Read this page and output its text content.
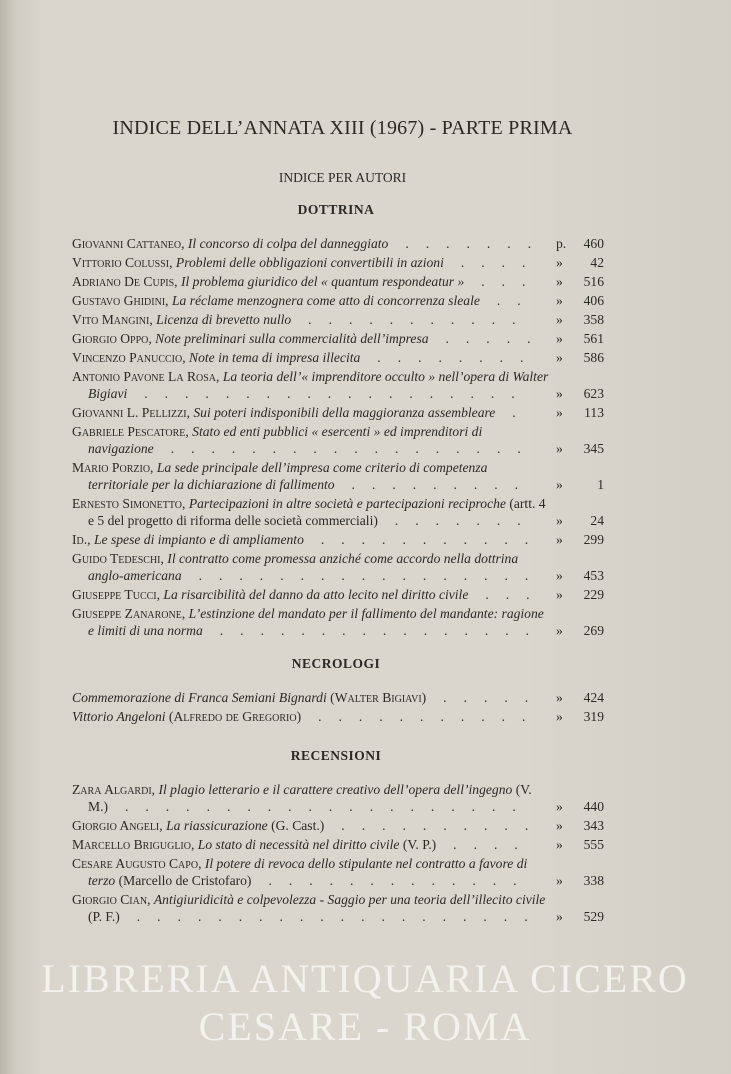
INDICE DELL’ANNATA XIII (1967) - PARTE PRIMA
INDICE PER AUTORI
DOTTRINA
Giovanni Cattaneo, Il concorso di colpa del danneggiato     .     .     .     .     .     .     . p.	460
Vittorio Colussi, Problemi delle obbligazioni convertibili in azioni     .     .     .     . »	42
Adriano De Cupis, Il problema giuridico del « quantum respondeatur »     .     .     . »	516
Gustavo Ghidini, La réclame menzognera come atto di concorrenza sleale     .     .	»	406
Vito Mangini, Licenza di brevetto nullo     .     .     .     .     .     .     .     .     .     .     .	»	358
Giorgio Oppo, Note preliminari sulla commercialità dell’impresa     .     .     .     .     . »	561
Vincenzo Panuccio, Note in tema di impresa illecita     .     .     .     .     .     .     .     .	»	586
Antonio Pavone La Rosa, La teoria dell’« imprenditore occulto » nell’opera di Walter Bigiavi     .     .     .     .     .     .     .     .     .     .     .     .     .     .     .     .     .     .     .	»	623
Giovanni L. Pellizzi, Sui poteri indisponibili della maggioranza assembleare     .	»	113
Gabriele Pescatore, Stato ed enti pubblici « esercenti » ed imprenditori di navigazione     .     .     .     .     .     .     .     .     .     .     .     .     .     .     .     .     .     .	»	345
Mario Porzio, La sede principale dell’impresa come criterio di competenza territoriale per la dichiarazione di fallimento     .     .     .     .     .     .     .     .     .	»	1
Ernesto Simonetto, Partecipazioni in altre società e partecipazioni reciproche (artt. 4 e 5 del progetto di riforma delle società commerciali)     .     .     .     .     .     .     .	»	24
Id., Le spese di impianto e di ampliamento     .     .     .     .     .     .     .     .     .     .     . »	299
Guido Tedeschi, Il contratto come promessa anziché come accordo nella dottrina anglo-americana     .     .     .     .     .     .     .     .     .     .     .     .     .     .     .     .     . »	453
Giuseppe Tucci, La risarcibilità del danno da atto lecito nel diritto civile     .     .     . »	229
Giuseppe Zanarone, L’estinzione del mandato per il fallimento del mandante: ragione e limiti di una norma     .     .     .     .     .     .     .     .     .     .     .     .     .     .     .     . »	269
NECROLOGI
Commemorazione di Franca Semiani Bignardi (Walter Bigiavi)     .     .     .     .     . »	424
Vittorio Angeloni (Alfredo de Gregorio)     .     .     .     .     .     .     .     .     .     .     . »	319
RECENSIONI
Zara Algardi, Il plagio letterario e il carattere creativo dell’opera dell’ingegno (V. M.)     .     .     .     .     .     .     .     .     .     .     .     .     .     .     .     .     .     .     .     .	»	440
Giorgio Angeli, La riassicurazione (G. Cast.)     .     .     .     .     .     .     .     .     .     . »	343
Marcello Briguglio, Lo stato di necessità nel diritto civile (V. P.)     .     .     .     .	»	555
Cesare Augusto Capo, Il potere di revoca dello stipulante nel contratto a favore di terzo (Marcello de Cristofaro)     .     .     .     .     .     .     .     .     .     .     .     .     .	»	338
Giorgio Cian, Antigiuridicità e colpevolezza - Saggio per una teoria dell’illecito civile (P. F.)     .     .     .     .     .     .     .     .     .     .     .     .     .     .     .     .     .     .     .     . »	529
LIBRERIA ANTIQUARIA CICERO CESARE - ROMA
